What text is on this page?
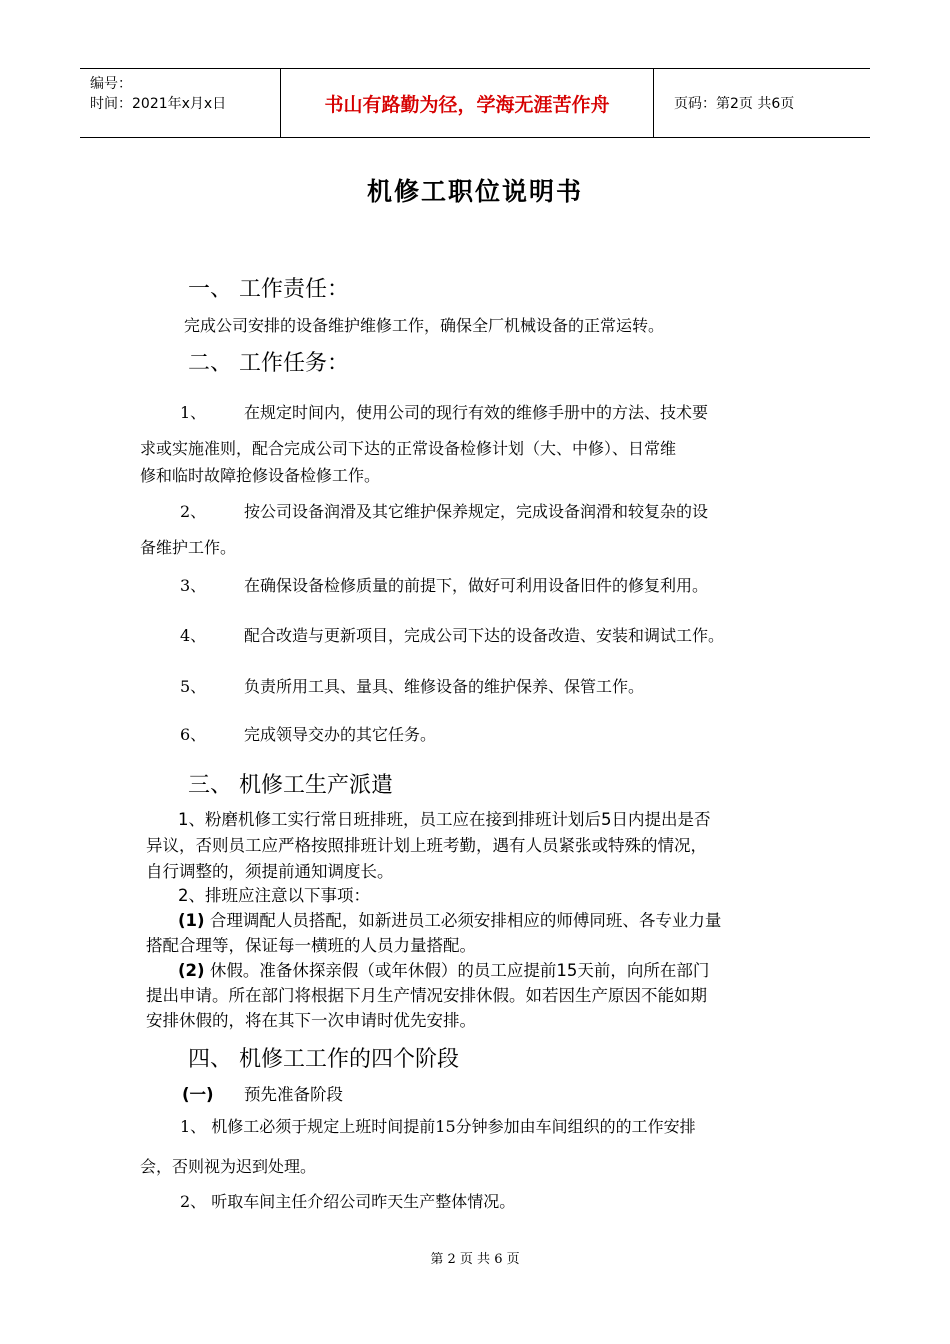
编号：
时间：2021年x月x日	书山有路勤为径，学海无涯苦作舟	页码：第2页 共6页
机修工职位说明书
一、 工作责任：
完成公司安排的设备维护维修工作，确保全厂机械设备的正常运转。
二、 工作任务：
1、 在规定时间内，使用公司的现行有效的维修手册中的方法、技术要
求或实施准则，配合完成公司下达的正常设备检修计划（大、中修）、日常维
修和临时故障抢修设备检修工作。
2、 按公司设备润滑及其它维护保养规定，完成设备润滑和较复杂的设
备维护工作。
3、 在确保设备检修质量的前提下，做好可利用设备旧件的修复利用。
4、 配合改造与更新项目，完成公司下达的设备改造、安装和调试工作。
5、 负责所用工具、量具、维修设备的维护保养、保管工作。
6、 完成领导交办的其它任务。
三、 机修工生产派遣
1、粉磨机修工实行常日班排班，员工应在接到排班计划后5日内提出是否
异议，否则员工应严格按照排班计划上班考勤，遇有人员紧张或特殊的情况，
自行调整的，须提前通知调度长。
2、排班应注意以下事项：
(1) 合理调配人员搭配，如新进员工必须安排相应的师傅同班、各专业力量
搭配合理等，保证每一横班的人员力量搭配。
(2) 休假。准备休探亲假（或年休假）的员工应提前15天前，向所在部门
提出申请。所在部门将根据下月生产情况安排休假。如若因生产原因不能如期
安排休假的，将在其下一次申请时优先安排。
四、 机修工工作的四个阶段
(一) 预先准备阶段
1、 机修工必须于规定上班时间提前15分钟参加由车间组织的的工作安排
会，否则视为迟到处理。
2、 听取车间主任介绍公司昨天生产整体情况。
第 2 页 共 6 页
